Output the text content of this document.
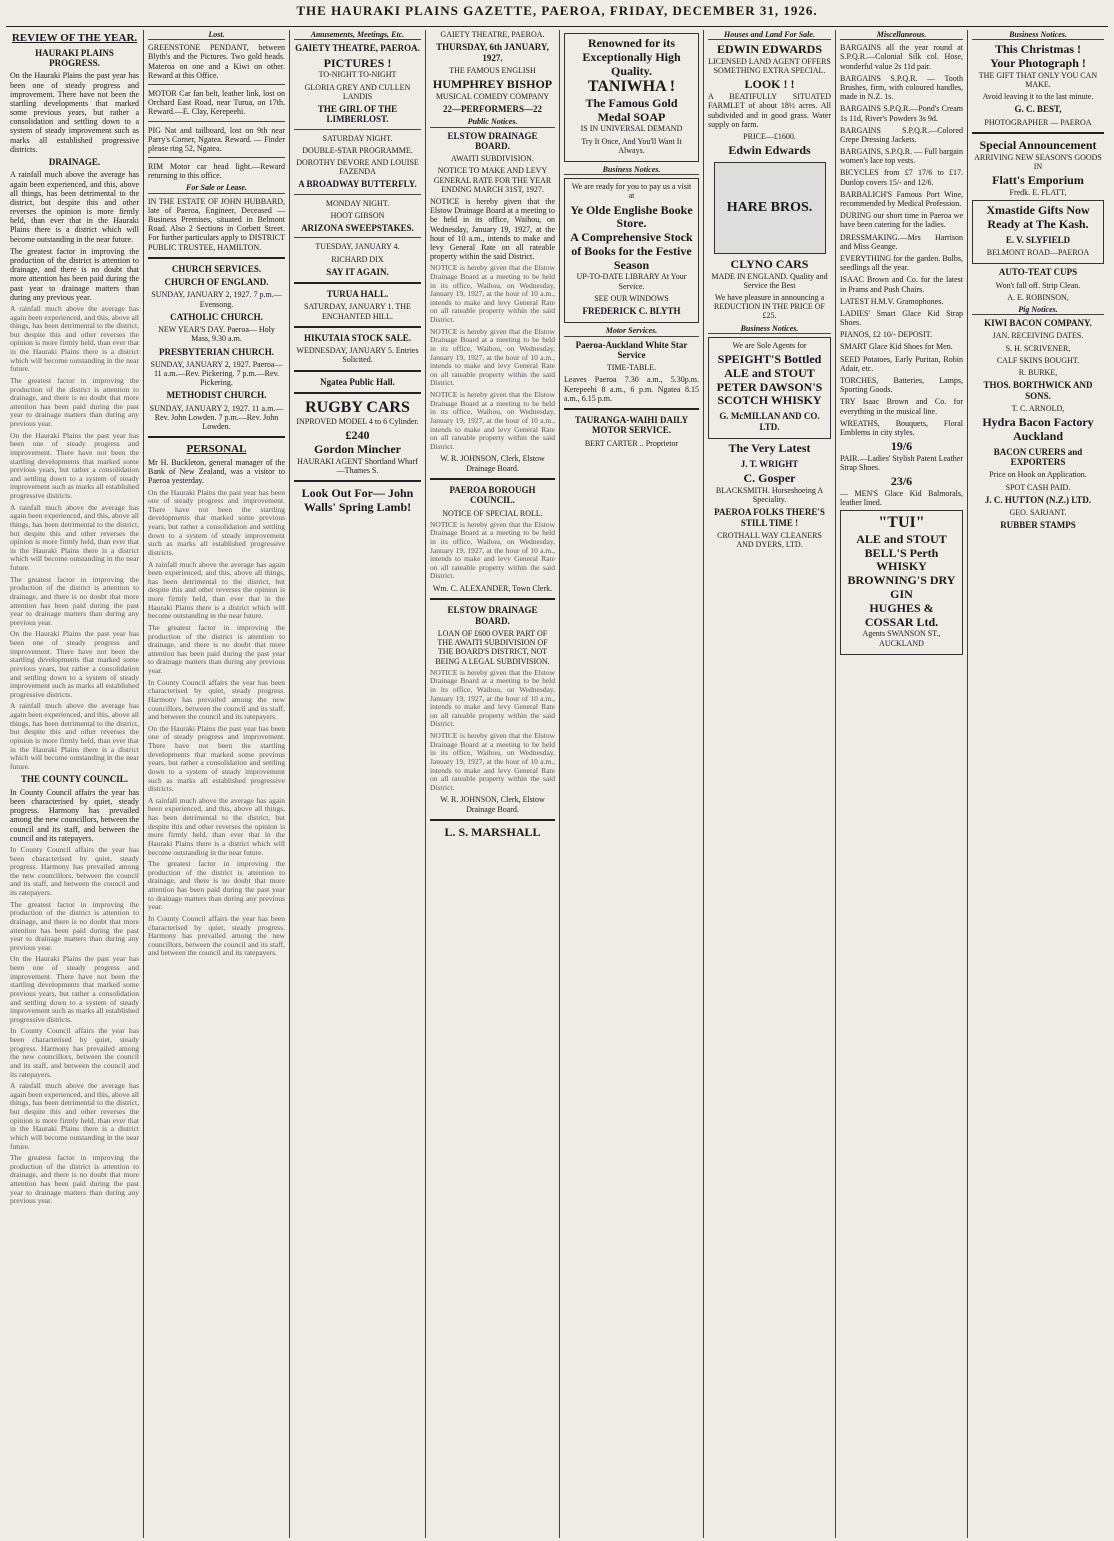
THE HAURAKI PLAINS GAZETTE, PAEROA, FRIDAY, DECEMBER 31, 1926.
REVIEW OF THE YEAR.
HAURAKI PLAINS PROGRESS.

On the Hauraki Plains the past year has been one of steady progress and improvement. There have not been the startling developments that marked some previous years, but rather a consolidation and settling down to a system of steady improvement such as marks all established progressive districts.

DRAINAGE.

A rainfall much above the average has again been experienced, and this, above all things, has been detrimental to the district, but despite this and other reverses the opinion is more firmly held, than ever that in the Hauraki Plains there is a district which will become outstanding in the near future.

The greatest factor in improving the production of the district is attention to drainage, and there is no doubt that more attention has been paid during the past year to drainage matters than during any previous year.

A rainfall much above the average has again been experienced, and this, above all things, has been detrimental to the district, but despite this and other reverses the opinion is more firmly held, than ever that in the Hauraki Plains there is a district which will become outstanding in the near future.

The greatest factor in improving the production of the district is attention to drainage, and there is no doubt that more attention has been paid during the past year to drainage matters than during any previous year.

On the Hauraki Plains the past year has been one of steady progress and improvement. There have not been the startling developments that marked some previous years, but rather a consolidation and settling down to a system of steady improvement such as marks all established progressive districts.

A rainfall much above the average has again been experienced, and this, above all things, has been detrimental to the district, but despite this and other reverses the opinion is more firmly held, than ever that in the Hauraki Plains there is a district which will become outstanding in the near future.

The greatest factor in improving the production of the district is attention to drainage, and there is no doubt that more attention has been paid during the past year to drainage matters than during any previous year.

On the Hauraki Plains the past year has been one of steady progress and improvement. There have not been the startling developments that marked some previous years, but rather a consolidation and settling down to a system of steady improvement such as marks all established progressive districts.

A rainfall much above the average has again been experienced, and this, above all things, has been detrimental to the district, but despite this and other reverses the opinion is more firmly held, than ever that in the Hauraki Plains there is a district which will become outstanding in the near future.

THE COUNTY COUNCIL.

In County Council affairs the year has been characterised by quiet, steady progress. Harmony has prevailed among the new councillors, between the council and its staff, and between the council and its ratepayers.

In County Council affairs the year has been characterised by quiet, steady progress. Harmony has prevailed among the new councillors, between the council and its staff, and between the council and its ratepayers.

The greatest factor in improving the production of the district is attention to drainage, and there is no doubt that more attention has been paid during the past year to drainage matters than during any previous year.

On the Hauraki Plains the past year has been one of steady progress and improvement. There have not been the startling developments that marked some previous years, but rather a consolidation and settling down to a system of steady improvement such as marks all established progressive districts.

In County Council affairs the year has been characterised by quiet, steady progress. Harmony has prevailed among the new councillors, between the council and its staff, and between the council and its ratepayers.

A rainfall much above the average has again been experienced, and this, above all things, has been detrimental to the district, but despite this and other reverses the opinion is more firmly held, than ever that in the Hauraki Plains there is a district which will become outstanding in the near future.

The greatest factor in improving the production of the district is attention to drainage, and there is no doubt that more attention has been paid during the past year to drainage matters than during any previous year.

Lost.

GREENSTONE PENDANT, between Blyth's and the Pictures. Two gold heads. Materoa on one and a Kiwi on other. Reward at this Office.

MOTOR Car fan belt, leather link, lost on Orchard East Road, near Turua, on 17th. Reward.—E. Clay, Kerepeehi.

PIG Nat and tailboard, lost on 9th near Parry's Corner, Ngatea. Reward. — Finder please ring 52, Ngatea.

RIM Motor car head light.—Reward returning to this office.

For Sale or Lease.

IN THE ESTATE OF JOHN HUBBARD, late of Paeroa, Engineer, Deceased — Business Premises, situated in Belmont Road. Also 2 Sections in Corbett Street. For further particulars apply to DISTRICT PUBLIC TRUSTEE, HAMILTON.

CHURCH SERVICES.
CHURCH OF ENGLAND.

SUNDAY, JANUARY 2, 1927. 7 p.m.—Evensong.

CATHOLIC CHURCH.

NEW YEAR'S DAY. Paeroa— Holy Mass, 9.30 a.m.

PRESBYTERIAN CHURCH.

SUNDAY, JANUARY 2, 1927. Paeroa— 11 a.m.—Rev. Pickering. 7 p.m.—Rev. Pickering.

METHODIST CHURCH.

SUNDAY, JANUARY 2, 1927. 11 a.m.—Rev. John Lowden. 7 p.m.—Rev. John Lowden.

PERSONAL

Mr H. Buckleton, general manager of the Bank of New Zealand, was a visitor to Paeroa yesterday.

On the Hauraki Plains the past year has been one of steady progress and improvement. There have not been the startling developments that marked some previous years, but rather a consolidation and settling down to a system of steady improvement such as marks all established progressive districts.

A rainfall much above the average has again been experienced, and this, above all things, has been detrimental to the district, but despite this and other reverses the opinion is more firmly held, than ever that in the Hauraki Plains there is a district which will become outstanding in the near future.

The greatest factor in improving the production of the district is attention to drainage, and there is no doubt that more attention has been paid during the past year to drainage matters than during any previous year.

In County Council affairs the year has been characterised by quiet, steady progress. Harmony has prevailed among the new councillors, between the council and its staff, and between the council and its ratepayers.

On the Hauraki Plains the past year has been one of steady progress and improvement. There have not been the startling developments that marked some previous years, but rather a consolidation and settling down to a system of steady improvement such as marks all established progressive districts.

A rainfall much above the average has again been experienced, and this, above all things, has been detrimental to the district, but despite this and other reverses the opinion is more firmly held, than ever that in the Hauraki Plains there is a district which will become outstanding in the near future.

The greatest factor in improving the production of the district is attention to drainage, and there is no doubt that more attention has been paid during the past year to drainage matters than during any previous year.

In County Council affairs the year has been characterised by quiet, steady progress. Harmony has prevailed among the new councillors, between the council and its staff, and between the council and its ratepayers.

Amusements, Meetings, Etc.
GAIETY THEATRE, PAEROA.
PICTURES !

TO-NIGHT TO-NIGHT

GLORIA GREY AND CULLEN LANDIS

THE GIRL OF THE LIMBERLOST.

SATURDAY NIGHT.

DOUBLE-STAR PROGRAMME.

DOROTHY DEVORE AND LOUISE FAZENDA

A BROADWAY BUTTERFLY.

MONDAY NIGHT.

HOOT GIBSON

ARIZONA SWEEPSTAKES.

TUESDAY, JANUARY 4.

RICHARD DIX

SAY IT AGAIN.
TURUA HALL.

SATURDAY, JANUARY 1. THE ENCHANTED HILL.

HIKUTAIA STOCK SALE.

WEDNESDAY, JANUARY 5. Entries Solicited.

Ngatea Public Hall.
RUGBY CARS

INPROVED MODEL 4 to 6 Cylinder.

£240
Gordon Mincher

HAURAKI AGENT Shortland Wharf—Thames S.

Look Out For— John Walls' Spring Lamb!

GAIETY THEATRE, PAEROA.

THURSDAY, 6th JANUARY, 1927.

THE FAMOUS ENGLISH

HUMPHREY BISHOP

MUSICAL COMEDY COMPANY

22—PERFORMERS—22
Public Notices.
ELSTOW DRAINAGE BOARD.

AWAITI SUBDIVISION.

NOTICE TO MAKE AND LEVY GENERAL RATE FOR THE YEAR ENDING MARCH 31ST, 1927.

NOTICE is hereby given that the Elstow Drainage Board at a meeting to be held in its office, Waihou, on Wednesday, January 19, 1927, at the hour of 10 a.m., intends to make and levy General Rate on all rateable property within the said District.

NOTICE is hereby given that the Elstow Drainage Board at a meeting to be held in its office, Waihou, on Wednesday, January 19, 1927, at the hour of 10 a.m., intends to make and levy General Rate on all rateable property within the said District.

NOTICE is hereby given that the Elstow Drainage Board at a meeting to be held in its office, Waihou, on Wednesday, January 19, 1927, at the hour of 10 a.m., intends to make and levy General Rate on all rateable property within the said District.

NOTICE is hereby given that the Elstow Drainage Board at a meeting to be held in its office, Waihou, on Wednesday, January 19, 1927, at the hour of 10 a.m., intends to make and levy General Rate on all rateable property within the said District.

W. R. JOHNSON, Clerk, Elstow Drainage Board.

PAEROA BOROUGH COUNCIL.

NOTICE OF SPECIAL ROLL.

NOTICE is hereby given that the Elstow Drainage Board at a meeting to be held in its office, Waihou, on Wednesday, January 19, 1927, at the hour of 10 a.m., intends to make and levy General Rate on all rateable property within the said District.

Wm. C. ALEXANDER, Town Clerk.

ELSTOW DRAINAGE BOARD.

LOAN OF £600 OVER PART OF THE AWAITI SUBDIVISION OF THE BOARD'S DISTRICT, NOT BEING A LEGAL SUBDIVISION.

NOTICE is hereby given that the Elstow Drainage Board at a meeting to be held in its office, Waihou, on Wednesday, January 19, 1927, at the hour of 10 a.m., intends to make and levy General Rate on all rateable property within the said District.

NOTICE is hereby given that the Elstow Drainage Board at a meeting to be held in its office, Waihou, on Wednesday, January 19, 1927, at the hour of 10 a.m., intends to make and levy General Rate on all rateable property within the said District.

W. R. JOHNSON, Clerk, Elstow Drainage Board.

L. S. MARSHALL
Renowned for its Exceptionally High Quality.
TANIWHA !
The Famous Gold Medal SOAP

IS IN UNIVERSAL DEMAND

Try It Once, And You'll Want It Always.

Business Notices.

We are ready for you to pay us a visit at

Ye Olde Englishe Booke Store.
A Comprehensive Stock of Books for the Festive Season

UP-TO-DATE LIBRARY At Your Service.

SEE OUR WINDOWS

FREDERICK C. BLYTH
Motor Services.
Paeroa-Auckland White Star Service

TIME-TABLE.

Leaves Paeroa 7.30 a.m., 5.30p.m. Kerepeehi 8 a.m., 6 p.m. Ngatea 8.15 a.m., 6.15 p.m.

TAURANGA-WAIHI DAILY MOTOR SERVICE.

BERT CARTER .. Proprietor

Houses and Land For Sale.
EDWIN EDWARDS

LICENSED LAND AGENT OFFERS SOMETHING EXTRA SPECIAL.

LOOK ! !

A BEATIFULLY SITUATED FARMLET of about 18½ acres. All subdivided and in good grass. Water supply on farm.

PRICE—£1600.

Edwin Edwards
HARE BROS.
CLYNO CARS

MADE IN ENGLAND. Quality and Service the Best

We have pleasure in announcing a REDUCTION IN THE PRICE OF £25.

Business Notices.

We are Sole Agents for

SPEIGHT'S Bottled ALE and STOUT
PETER DAWSON'S SCOTCH WHISKY
G. McMILLAN AND CO. LTD.
The Very Latest
J. T. WRIGHT
C. Gosper

BLACKSMITH. Horseshoeing A Speciality.

PAEROA FOLKS THERE'S STILL TIME !

CROTHALL WAY CLEANERS AND DYERS, LTD.

Miscellaneous.

BARGAINS all the year round at S.P.Q.R.—Colonial Silk col. Hose, wonderful value 2s 11d pair.

BARGAINS S.P.Q.R. — Tooth Brushes, firm, with coloured handles, made in N.Z. 1s.

BARGAINS S.P.Q.R.—Pond's Cream 1s 11d, River's Powders 3s 9d.

BARGAINS S.P.Q.R.—Colored Crepe Dressing Jackets.

BARGAINS, S.P.Q.R. — Full bargain women's lace top vests.

BICYCLES from £7 17/6 to £17. Dunlop covers 15/- and 12/6.

BARBALICH'S Famous Port Wine, recommended by Medical Profession.

DURING our short time in Paeroa we have been catering for the ladies.

DRESSMAKING.—Mrs Harrison and Miss Geange.

EVERYTHING for the garden. Bulbs, seedlings all the year.

ISAAC Brown and Co. for the latest in Prams and Push Chairs.

LATEST H.M.V. Gramophones.

LADIES' Smart Glace Kid Strap Shoes.

PIANOS, £2 10/- DEPOSIT.

SMART Glace Kid Shoes for Men.

SEED Potatoes, Early Puritan, Robin Adair, etc.

TORCHES, Batteries, Lamps, Sporting Goods.

TRY Isaac Brown and Co. for everything in the musical line.

WREATHS, Bouquets, Floral Emblems in city styles.

19/6

PAIR.—Ladies' Stylish Patent Leather Strap Shoes.

23/6

— MEN'S Glace Kid Balmorals, leather lined.

"TUI"
ALE and STOUT
BELL'S Perth WHISKY
BROWNING'S DRY GIN
HUGHES & COSSAR Ltd.

Agents SWANSON ST., AUCKLAND

Business Notices.
This Christmas !
Your Photograph !

THE GIFT THAT ONLY YOU CAN MAKE.

Avoid leaving it to the last minute.

G. C. BEST,

PHOTOGRAPHER — PAEROA

Special Announcement

ARRIVING NEW SEASON'S GOODS IN

Flatt's Emporium

Fredk. E. FLATT,

Xmastide Gifts Now Ready at The Kash.
E. V. SLYFIELD

BELMONT ROAD—PAEROA

AUTO-TEAT CUPS

Won't fall off. Strip Clean.

A. E. ROBINSON,

Pig Notices.
KIWI BACON COMPANY.

JAN. RECEIVING DATES.

S. H. SCRIVENER,

CALF SKINS BOUGHT.

R. BURKE,

THOS. BORTHWICK AND SONS.

T. C. ARNOLD,

Hydra Bacon Factory Auckland
BACON CURERS and EXPORTERS

Price on Hook on Application.

SPOT CASH PAID.

J. C. HUTTON (N.Z.) LTD.

GEO. SARJANT.

RUBBER STAMPS
